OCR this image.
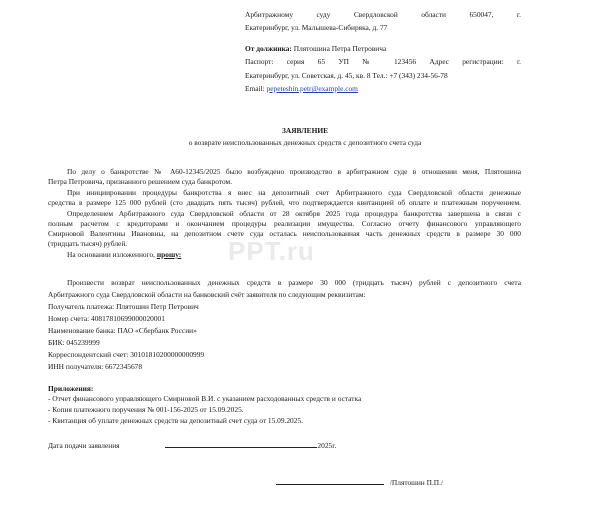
Арбитражному суду Свердловской области	650047, г.
Екатеринбург, ул. Малышева-Сибиряка, д. 77
От должника: Плятошина Петра Петровича
Паспорт: серия 65 УП № 123456 Адрес регистрации: г.
Екатеринбург, ул. Советская, д. 45, кв. 8 Тел.: +7 (343) 234-56-78
Email: pepeteshin.petr@example.com
ЗАЯВЛЕНИЕ
о возврате неиспользованных денежных средств с депозитного счета суда
По делу о банкротстве № А60-12345/2025 было возбуждено производство в арбитражном суде в отношении меня, Плятошина
Петра Петровича, признанного решением суда банкротом.
При инициировании процедуры банкротства я внес на депозитный счет Арбитражного суда Свердловской области денежные
средства в размере 125 000 рублей (сто двадцать пять тысяч) рублей, что подтверждается квитанцией об оплате и платежным поручением.
Определением Арбитражного суда Свердловской области от 28 октября 2025 года процедура банкротства завершена в связи с
полным расчетом с кредиторами и окончанием процедуры реализации имущества. Согласно отчету финансового управляющего
Смирновой Валентины Ивановны, на депозитном счете суда осталась неиспользованная часть денежных средств в размере 30 000
(тридцать тысяч) рублей.
На основании изложенного, прошу:
Произвести возврат неиспользованных денежных средств в размере 30 000 (тридцать тысяч) рублей с депозитного счета
Арбитражного суда Свердловской области на банковский счёт заявителя по следующим реквизитам:
Получатель платежа: Плятошин Петр Петрович
Номер счета: 40817810699000020001
Наименование банка: ПАО «Сбербанк России»
БИК: 045239999
Корреспондентский счет: 30101810200000000999
ИНН получателя: 6672345678
Приложения:
- Отчет финансового управляющего Смирновой В.И. с указанием расходованных средств и остатка
- Копия платежного поручения № 001-156-2025 от 15.09.2025.
- Квитанция об уплате денежных средств на депозитный счет суда от 15.09.2025.
Дата подачи заявления	2025г.
/Плятошин П.П./
PPT.ru
